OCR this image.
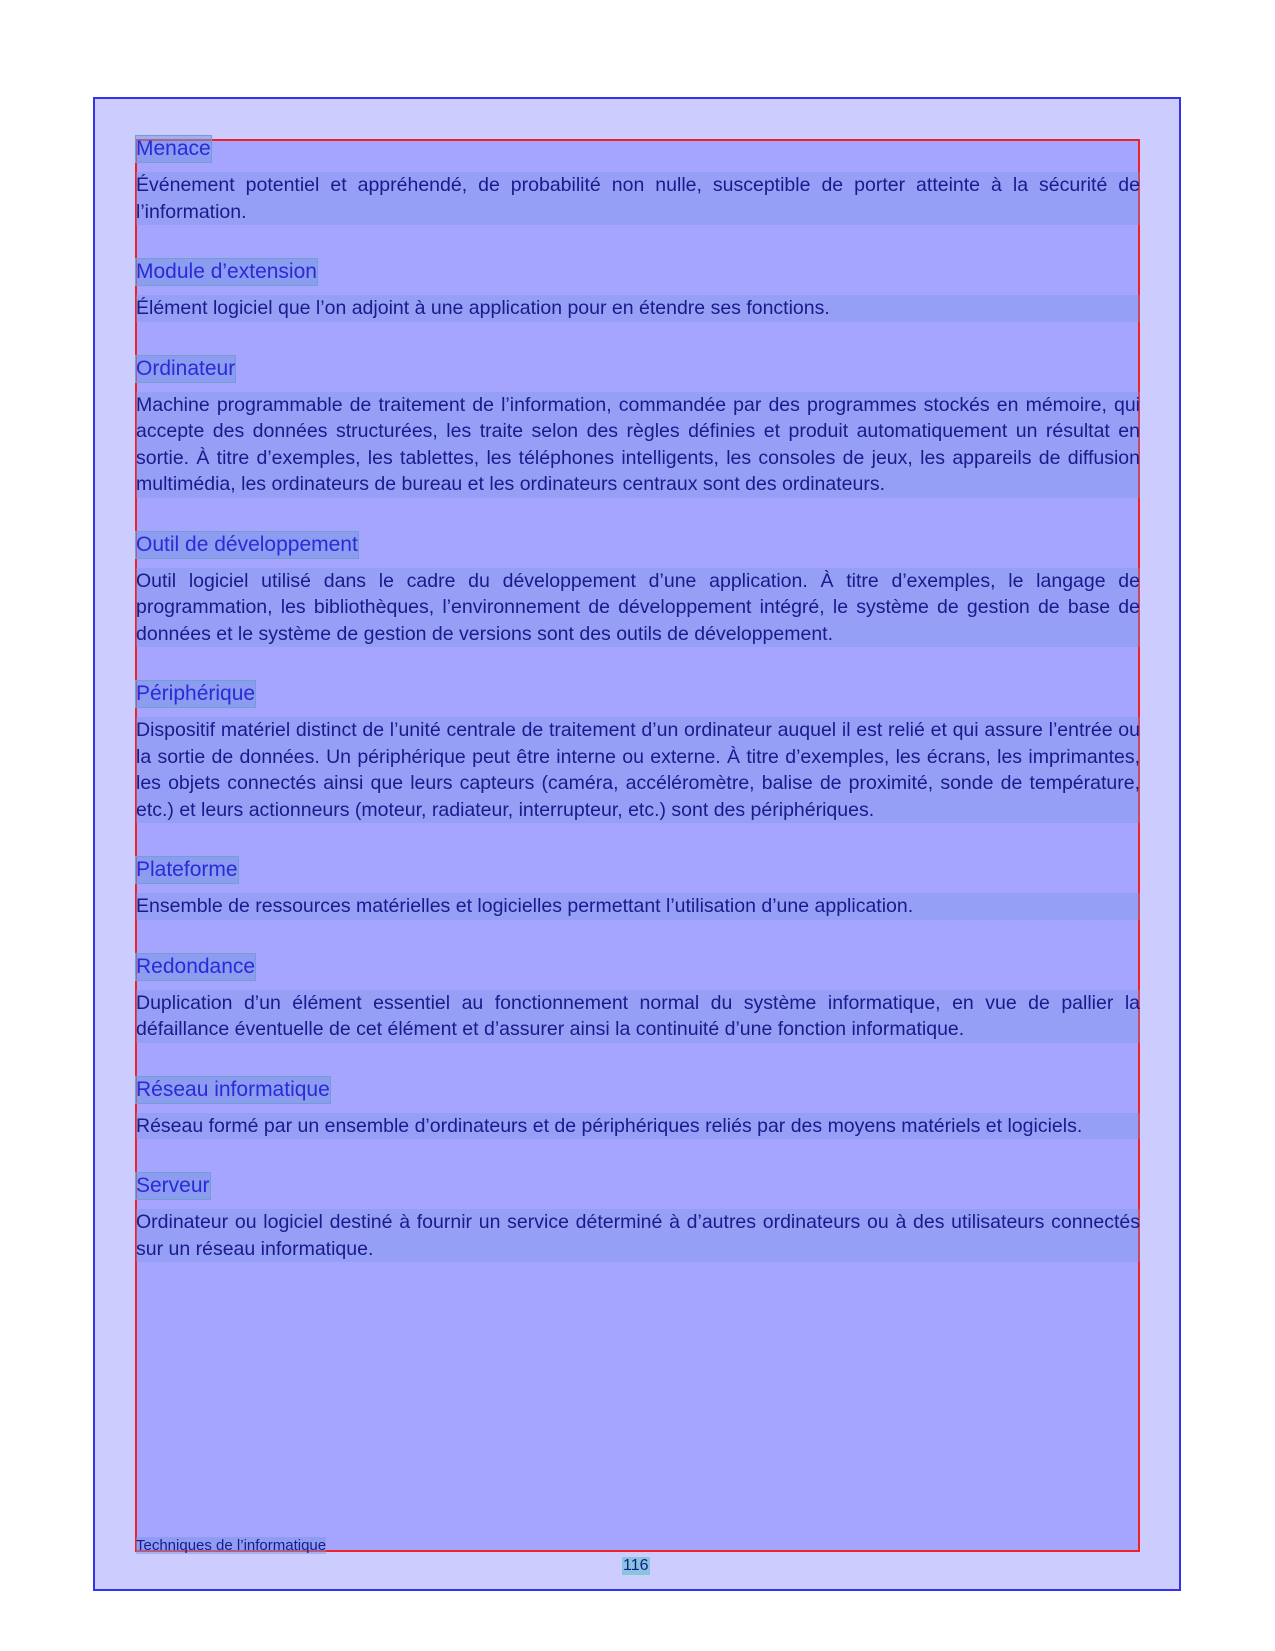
Menace

Événement potentiel et appréhendé, de probabilité non nulle, susceptible de porter atteinte à la sécurité de l’information.

Module d’extension

Élément logiciel que l’on adjoint à une application pour en étendre ses fonctions.

Ordinateur

Machine programmable de traitement de l’information, commandée par des programmes stockés en mémoire, qui accepte des données structurées, les traite selon des règles définies et produit automatiquement un résultat en sortie. À titre d’exemples, les tablettes, les téléphones intelligents, les consoles de jeux, les appareils de diffusion multimédia, les ordinateurs de bureau et les ordinateurs centraux sont des ordinateurs.

Outil de développement

Outil logiciel utilisé dans le cadre du développement d’une application. À titre d’exemples, le langage de programmation, les bibliothèques, l’environnement de développement intégré, le système de gestion de base de données et le système de gestion de versions sont des outils de développement.

Périphérique

Dispositif matériel distinct de l’unité centrale de traitement d’un ordinateur auquel il est relié et qui assure l’entrée ou la sortie de données. Un périphérique peut être interne ou externe. À titre d’exemples, les écrans, les imprimantes, les objets connectés ainsi que leurs capteurs (caméra, accéléromètre, balise de proximité, sonde de température, etc.) et leurs actionneurs (moteur, radiateur, interrupteur, etc.) sont des périphériques.

Plateforme

Ensemble de ressources matérielles et logicielles permettant l’utilisation d’une application.

Redondance

Duplication d’un élément essentiel au fonctionnement normal du système informatique, en vue de pallier la défaillance éventuelle de cet élément et d’assurer ainsi la continuité d’une fonction informatique.

Réseau informatique

Réseau formé par un ensemble d’ordinateurs et de périphériques reliés par des moyens matériels et logiciels.

Serveur

Ordinateur ou logiciel destiné à fournir un service déterminé à d’autres ordinateurs ou à des utilisateurs connectés sur un réseau informatique.

Techniques de l’informatique
116
